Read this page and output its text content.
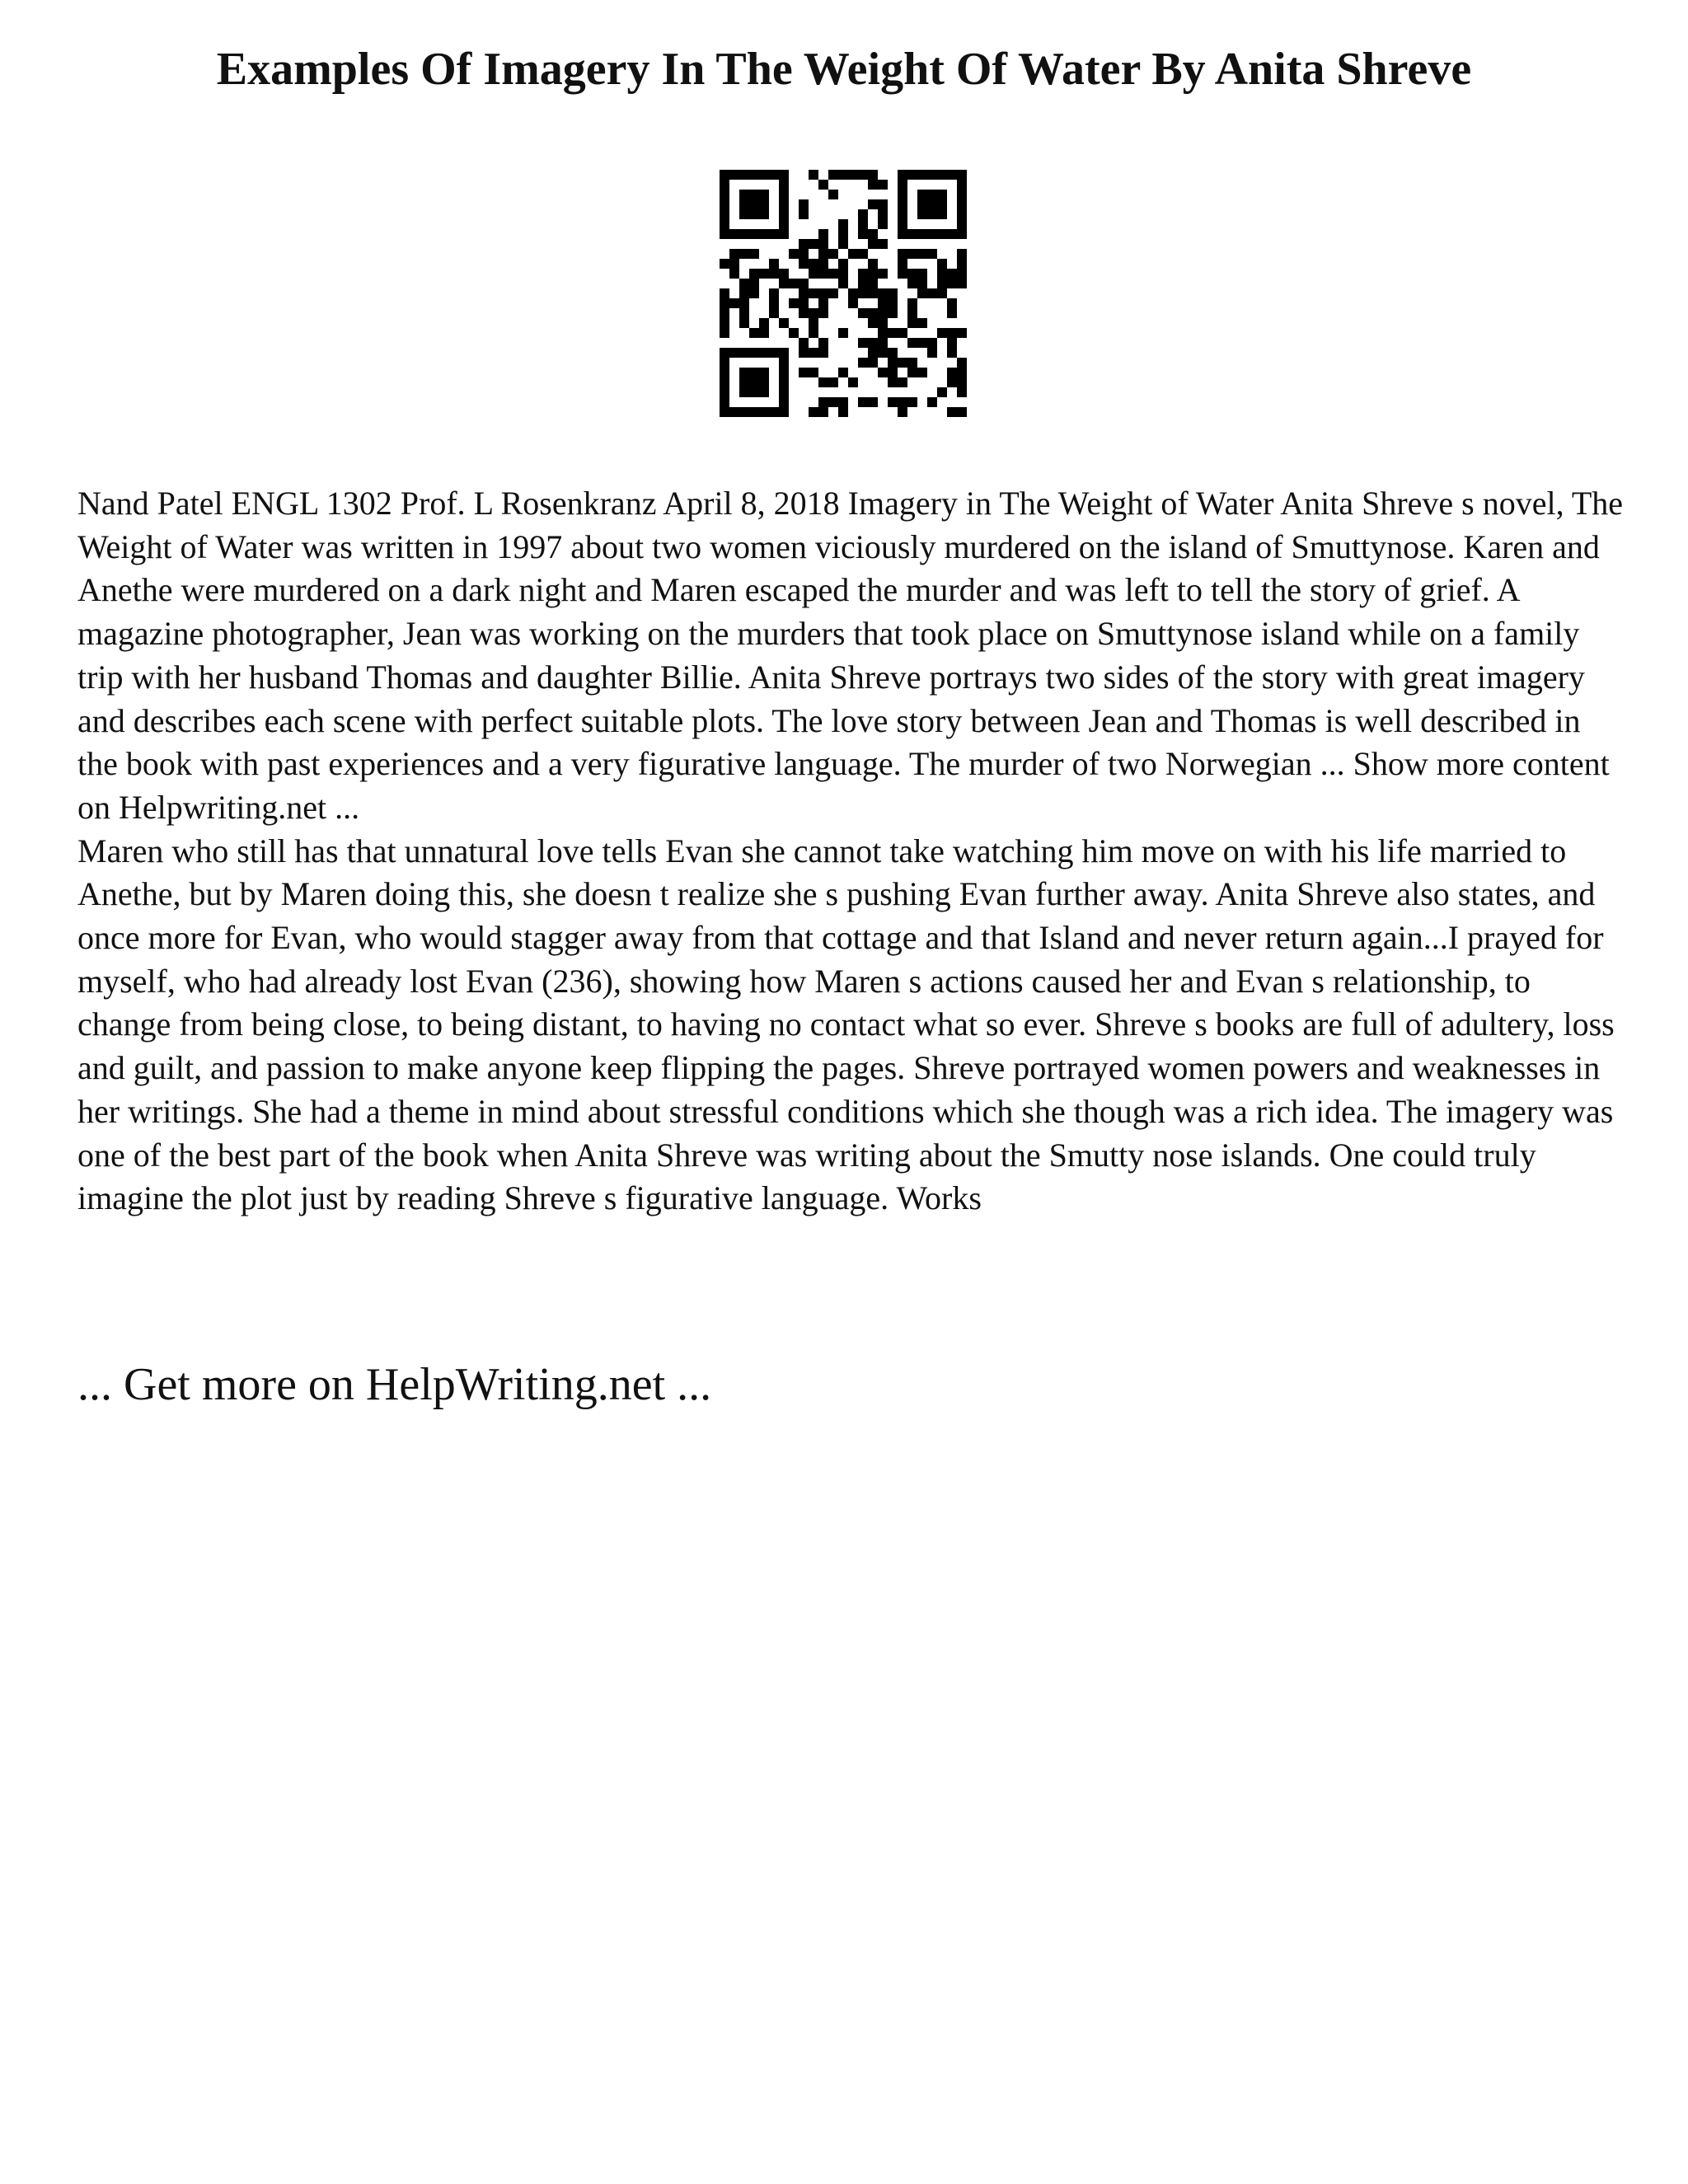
Examples Of Imagery In The Weight Of Water By Anita Shreve

Nand Patel ENGL 1302 Prof. L Rosenkranz April 8, 2018 Imagery in The Weight of Water Anita Shreve s novel, The Weight of Water was written in 1997 about two women viciously murdered on the island of Smuttynose. Karen and Anethe were murdered on a dark night and Maren escaped the murder and was left to tell the story of grief. A magazine photographer, Jean was working on the murders that took place on Smuttynose island while on a family trip with her husband Thomas and daughter Billie. Anita Shreve portrays two sides of the story with great imagery and describes each scene with perfect suitable plots. The love story between Jean and Thomas is well described in the book with past experiences and a very figurative language. The murder of two Norwegian ... Show more content on Helpwriting.net ...

Maren who still has that unnatural love tells Evan she cannot take watching him move on with his life married to Anethe, but by Maren doing this, she doesn t realize she s pushing Evan further away. Anita Shreve also states, and once more for Evan, who would stagger away from that cottage and that Island and never return again...I prayed for myself, who had already lost Evan (236), showing how Maren s actions caused her and Evan s relationship, to change from being close, to being distant, to having no contact what so ever. Shreve s books are full of adultery, loss and guilt, and passion to make anyone keep flipping the pages. Shreve portrayed women powers and weaknesses in her writings. She had a theme in mind about stressful conditions which she though was a rich idea. The imagery was one of the best part of the book when Anita Shreve was writing about the Smutty nose islands. One could truly imagine the plot just by reading Shreve s figurative language. Works

... Get more on HelpWriting.net ...
